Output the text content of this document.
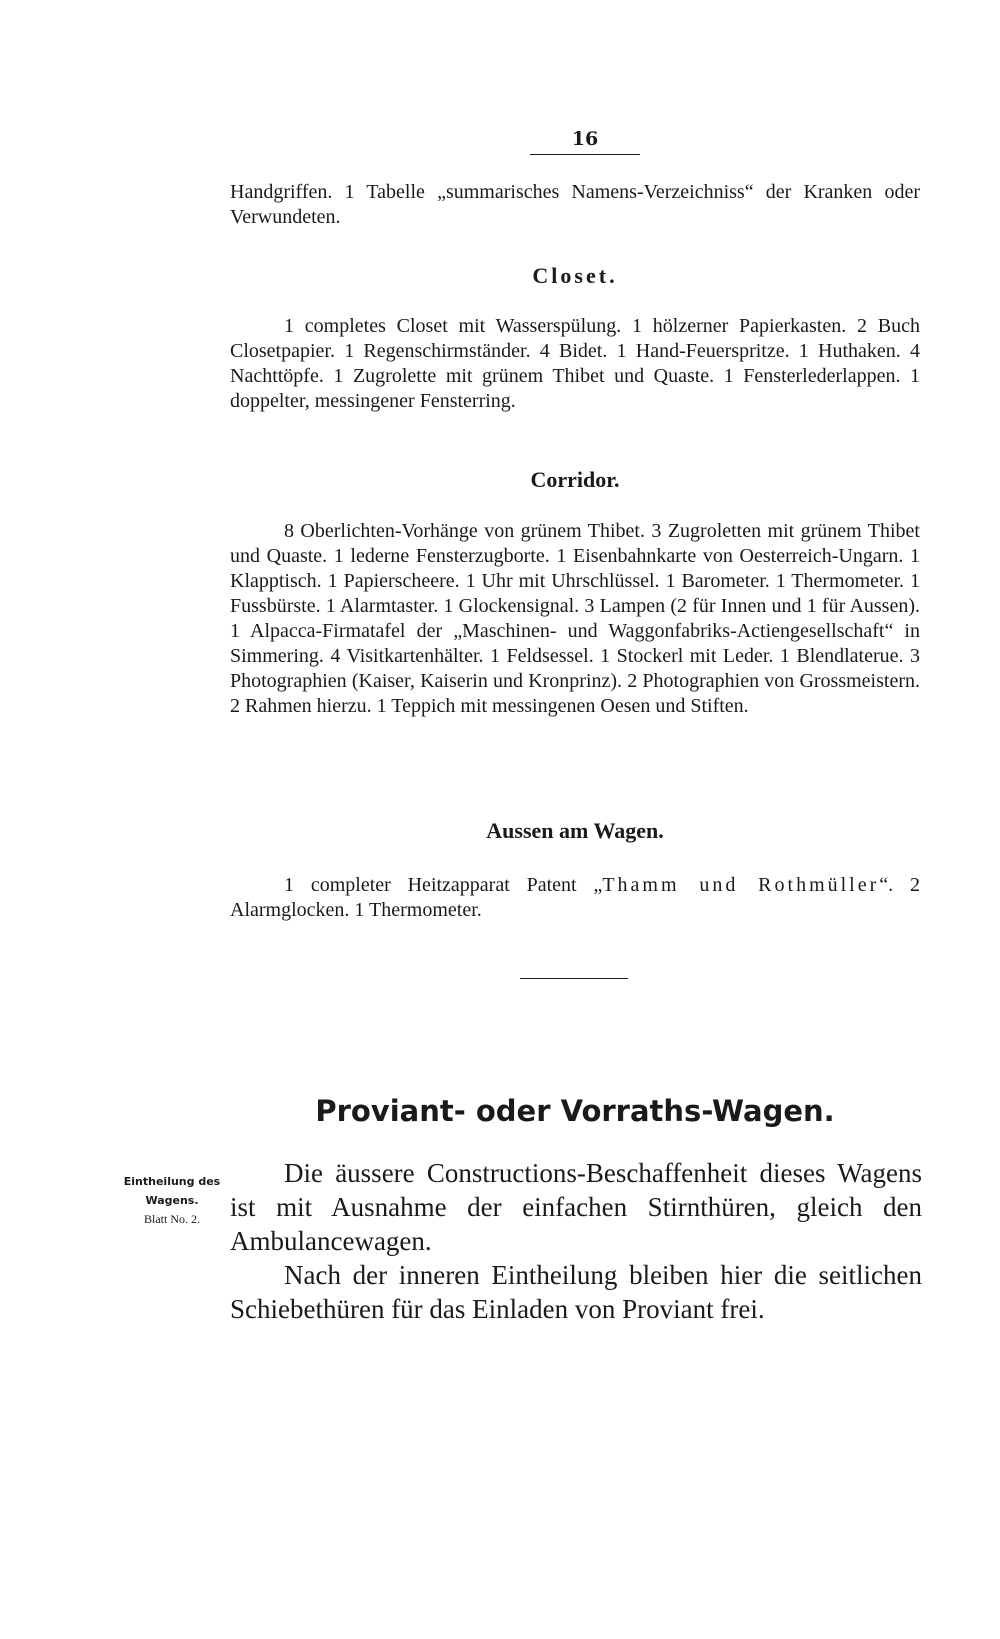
16

Handgriffen. 1 Tabelle „summarisches Namens-Verzeichniss“ der Kranken oder Verwundeten.

Closet.

1 completes Closet mit Wasserspülung. 1 hölzerner Papierkasten. 2 Buch Closetpapier. 1 Regenschirmständer. 4 Bidet. 1 Hand-Feuerspritze. 1 Huthaken. 4 Nachttöpfe. 1 Zugrolette mit grünem Thibet und Quaste. 1 Fensterlederlappen. 1 doppelter, messingener Fensterring.

Corridor.

8 Oberlichten-Vorhänge von grünem Thibet. 3 Zugroletten mit grünem Thibet und Quaste. 1 lederne Fensterzugborte. 1 Eisenbahnkarte von Oesterreich-Ungarn. 1 Klapptisch. 1 Papierscheere. 1 Uhr mit Uhrschlüssel. 1 Barometer. 1 Thermometer. 1 Fussbürste. 1 Alarmtaster. 1 Glockensignal. 3 Lampen (2 für Innen und 1 für Aussen). 1 Alpacca-Firmatafel der „Maschinen- und Waggonfabriks-Actiengesellschaft“ in Simmering. 4 Visitkartenhälter. 1 Feldsessel. 1 Stockerl mit Leder. 1 Blendlaterue. 3 Photographien (Kaiser, Kaiserin und Kronprinz). 2 Photographien von Grossmeistern. 2 Rahmen hierzu. 1 Teppich mit messingenen Oesen und Stiften.

Aussen am Wagen.

1 completer Heitzapparat Patent „Thamm und Rothmüller“. 2 Alarmglocken. 1 Thermometer.

Proviant- oder Vorraths-Wagen.
Eintheilung des
Wagens.
Blatt No. 2.

Die äussere Constructions-Beschaffenheit dieses Wagens ist mit Ausnahme der einfachen Stirnthüren, gleich den Ambulancewagen.

Nach der inneren Eintheilung bleiben hier die seitlichen Schiebethüren für das Einladen von Proviant frei.
